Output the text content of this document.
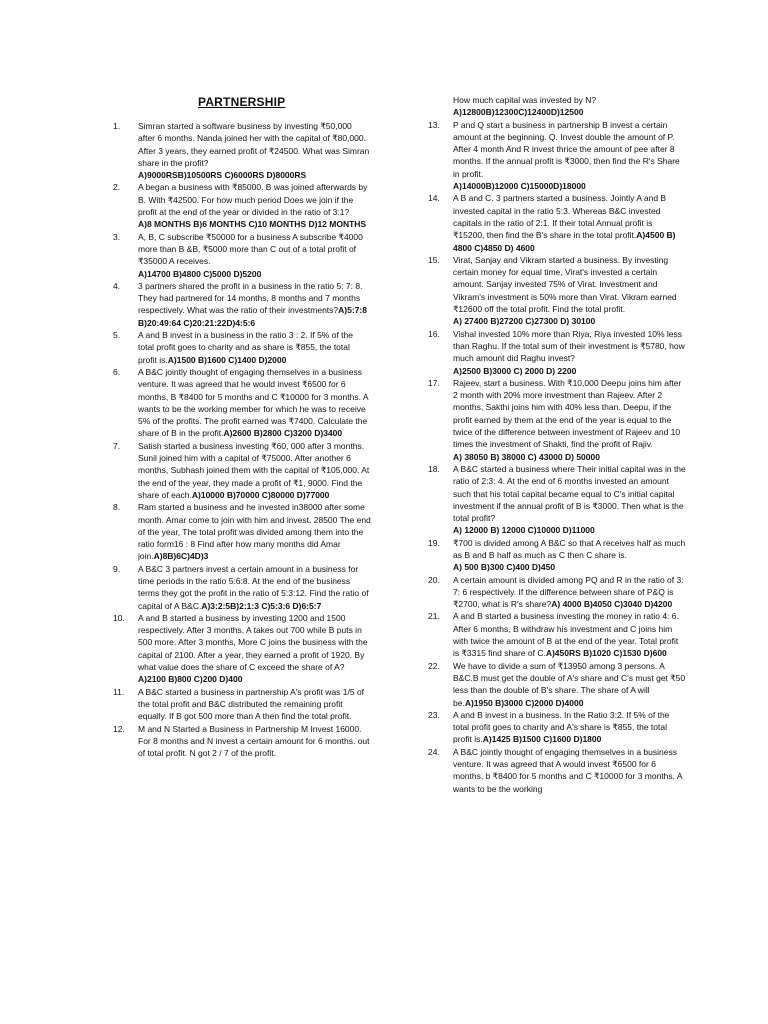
PARTNERSHIP
1. Simran started a software business by investing ₹50,000 after 6 months. Nanda joined her with the capital of ₹80,000. After 3 years, they earned profit of ₹24500. What was Simran share in the profit?
A)9000RSB)10500RS C)6000RS D)8000RS
2. A began a business with ₹85000. B was joined afterwards by B. With ₹42500. For how much period Does we join if the profit at the end of the year or divided in the ratio of 3:1?
A)8 MONTHS B)6 MONTHS C)10 MONTHS D)12 MONTHS
3. A, B, C subscribe ₹50000 for a business A subscribe ₹4000 more than B &B, ₹5000 more than C out of a total profit of ₹35000 A receives.
A)14700 B)4800 C)5000 D)5200
4. 3 partners shared the profit in a business in the ratio 5: 7: 8. They had partnered for 14 months, 8 months and 7 months respectively. What was the ratio of their investments?A)5:7:8 B)20:49:64 C)20:21:22D)4:5:6
5. A and B invest in a business in the ratio 3 : 2. If 5% of the total profit goes to charity and as share is ₹855, the total profit is.A)1500 B)1600 C)1400 D)2000
6. A B&C jointly thought of engaging themselves in a business venture. It was agreed that he would invest ₹6500 for 6 months, B ₹8400 for 5 months and C ₹10000 for 3 months. A wants to be the working member for which he was to receive 5% of the profits. The profit earned was ₹7400. Calculate the share of B in the profit.A)2600 B)2800 C)3200 D)3400
7. Satish started a business investing ₹60, 000 after 3 months. Sunil joined him with a capital of ₹75000. After another 6 months, Subhash joined them with the capital of ₹105,000. At the end of the year, they made a profit of ₹1, 9000. Find the share of each.A)10000 B)70000 C)80000 D)77000
8. Ram started a business and he invested in38000 after some month. Amar come to join with him and invest. 28500 The end of the year, The total profit was divided among them into the ratio form16 : 8 Find after how many months did Amar join.A)8B)6C)4D)3
9. A B&C 3 partners invest a certain amount in a business for time periods in the ratio 5:6:8. At the end of the business terms they got the profit in the ratio of 5:3:12. Find the ratio of capital of A B&C.A)3:2:5B)2:1:3 C)5:3:6 D)6:5:7
10. A and B started a business by investing 1200 and 1500 respectively. After 3 months, A takes out 700 while B puts in 500 more. After 3 months, More C joins the business with the capital of 2100. After a year, they earned a profit of 1920. By what value does the share of C exceed the share of A?A)2100 B)800 C)200 D)400
11. A B&C started a business in partnership A's profit was 1/5 of the total profit and B&C distributed the remaining profit equally. If B got 500 more than A then find the total profit.
12. M and N Started a Business in Partnership M Invest 16000. For 8 months and N invest a certain amount for 6 months. out of total profit. N got 2 / 7 of the profit.
How much capital was invested by N?
A)12800B)12300C)12400D)12500
13. P and Q start a business in partnership B invest a certain amount at the beginning. Q. Invest double the amount of P. After 4 month And R invest thrice the amount of pee after 8 months. If the annual profit is ₹3000, then find the R's Share in profit.
A)14000B)12000 C)15000D)18000
14. A B and C. 3 partners started a business. Jointly A and B invested capital in the ratio 5:3. Whereas B&C invested capitals in the ratio of 2:1. If their total Annual profit is ₹15200, then find the B's share in the total profit.A)4500 B) 4800 C)4850 D) 4600
15. Virat, Sanjay and Vikram started a business. By investing certain money for equal time, Virat's invested a certain amount. Sanjay invested 75% of Virat. Investment and Vikram's investment is 50% more than Virat. Vikram earned ₹12600 off the total profit. Find the total profit.
A) 27400 B)27200 C)27300 D) 30100
16. Vishal invested 10% more than Riya, Riya invested 10% less than Raghu. If the total sum of their investment is ₹5780, how much amount did Raghu invest?
A)2500 B)3000 C) 2000 D) 2200
17. Rajeev, start a business. With ₹10,000 Deepu joins him after 2 month with 20% more investment than Rajeev. After 2 months, Sakthi joins him with 40% less than. Deepu, if the profit earned by them at the end of the year is equal to the twice of the difference between investment of Rajeev and 10 times the investment of Shakti, find the profit of Rajiv.
A) 38050 B) 38000 C) 43000 D) 50000
18. A B&C started a business where Their initial capital was in the ratio of 2:3: 4. At the end of 6 months invested an amount such that his total capital became equal to C's initial capital investment if the annual profit of B is ₹3000. Then what is the total profit?
A) 12000 B) 12000 C)10000 D)11000
19. ₹700 is divided among A B&C so that A receives half as much as B and B half as much as C then C share is.
A) 500 B)300 C)400 D)450
20. A certain amount is divided among PQ and R in the ratio of 3: 7: 6 respectively. If the difference between share of P&Q is ₹2700, what is R's share?A) 4000 B)4050 C)3040 D)4200
21. A and B started a business investing the money in ratio 4: 6. After 6 months, B withdraw his investment and C joins him with twice the amount of B at the end of the year. Total profit is ₹3315 find share of C.A)450RS B)1020 C)1530 D)600
22. We have to divide a sum of ₹13950 among 3 persons. A B&C.B must get the double of A's share and C's must get ₹50 less than the double of B's share. The share of A will be.A)1950 B)3000 C)2000 D)4000
23. A and B invest in a business. In the Ratio 3:2. If 5% of the total profit goes to charity and A's share is ₹855, the total profit is.A)1425 B)1500 C)1600 D)1800
24. A B&C jointly thought of engaging themselves in a business venture. It was agreed that A would invest ₹6500 for 6 months, b ₹8400 for 5 months and C ₹10000 for 3 months. A wants to be the working
